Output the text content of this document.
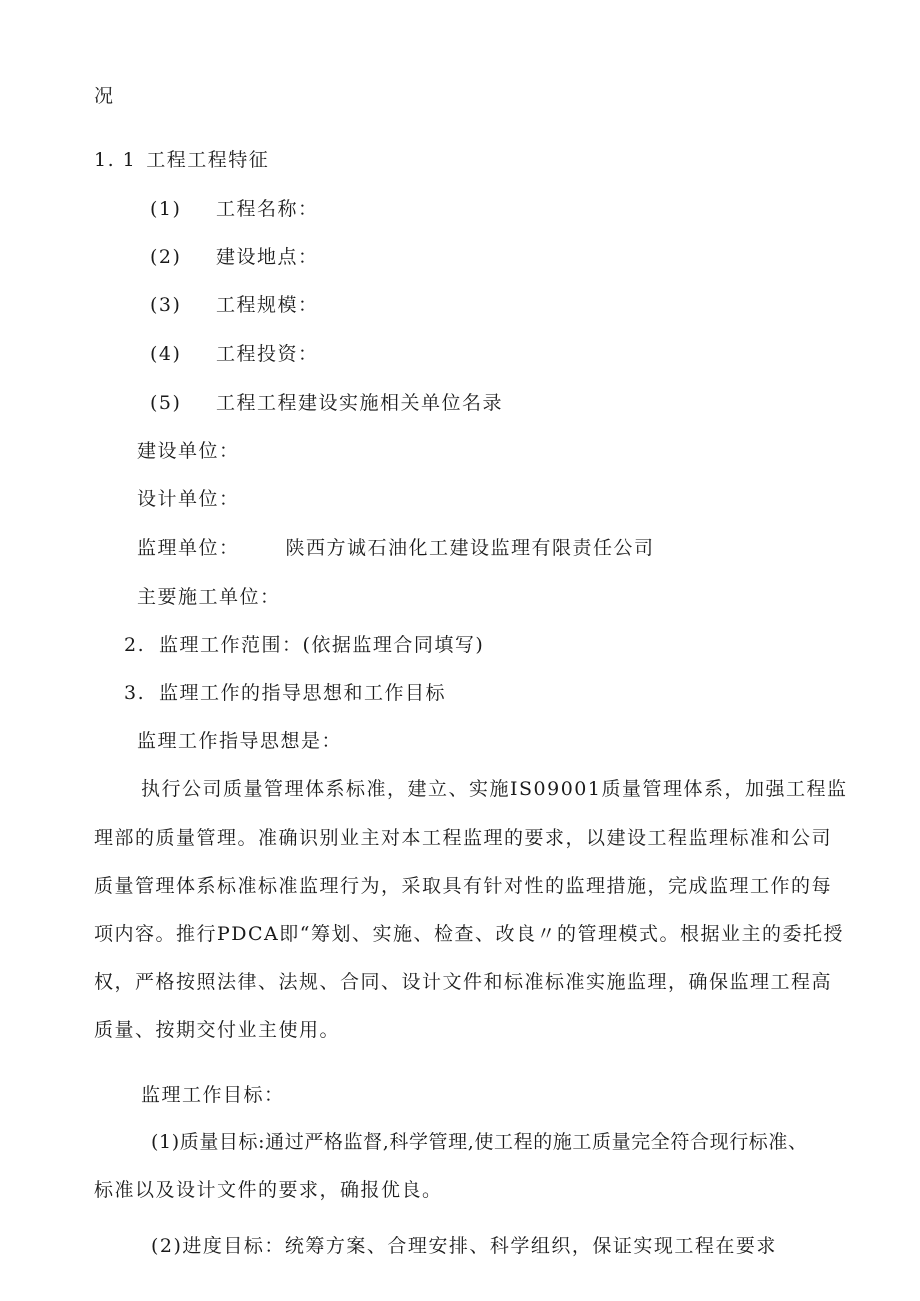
况
1. 1 工程工程特征
(1) 工程名称：
(2) 建设地点：
(3) 工程规模：
(4) 工程投资：
(5) 工程工程建设实施相关单位名录
建设单位：
设计单位：
监理单位： 陕西方诚石油化工建设监理有限责任公司
主要施工单位：
2. 监理工作范围：(依据监理合同填写)
3. 监理工作的指导思想和工作目标
监理工作指导思想是：
执行公司质量管理体系标准，建立、实施IS09001质量管理体系，加强工程监
理部的质量管理。准确识别业主对本工程监理的要求，以建设工程监理标准和公司
质量管理体系标准标准监理行为，采取具有针对性的监理措施，完成监理工作的每
项内容。推行PDCA即“筹划、实施、检查、改良〃的管理模式。根据业主的委托授
权，严格按照法律、法规、合同、设计文件和标准标准实施监理，确保监理工程高
质量、按期交付业主使用。
监理工作目标：
(1)质量目标:通过严格监督,科学管理,使工程的施工质量完全符合现行标准、
标准以及设计文件的要求，确报优良。
(2)进度目标：统筹方案、合理安排、科学组织，保证实现工程在要求
